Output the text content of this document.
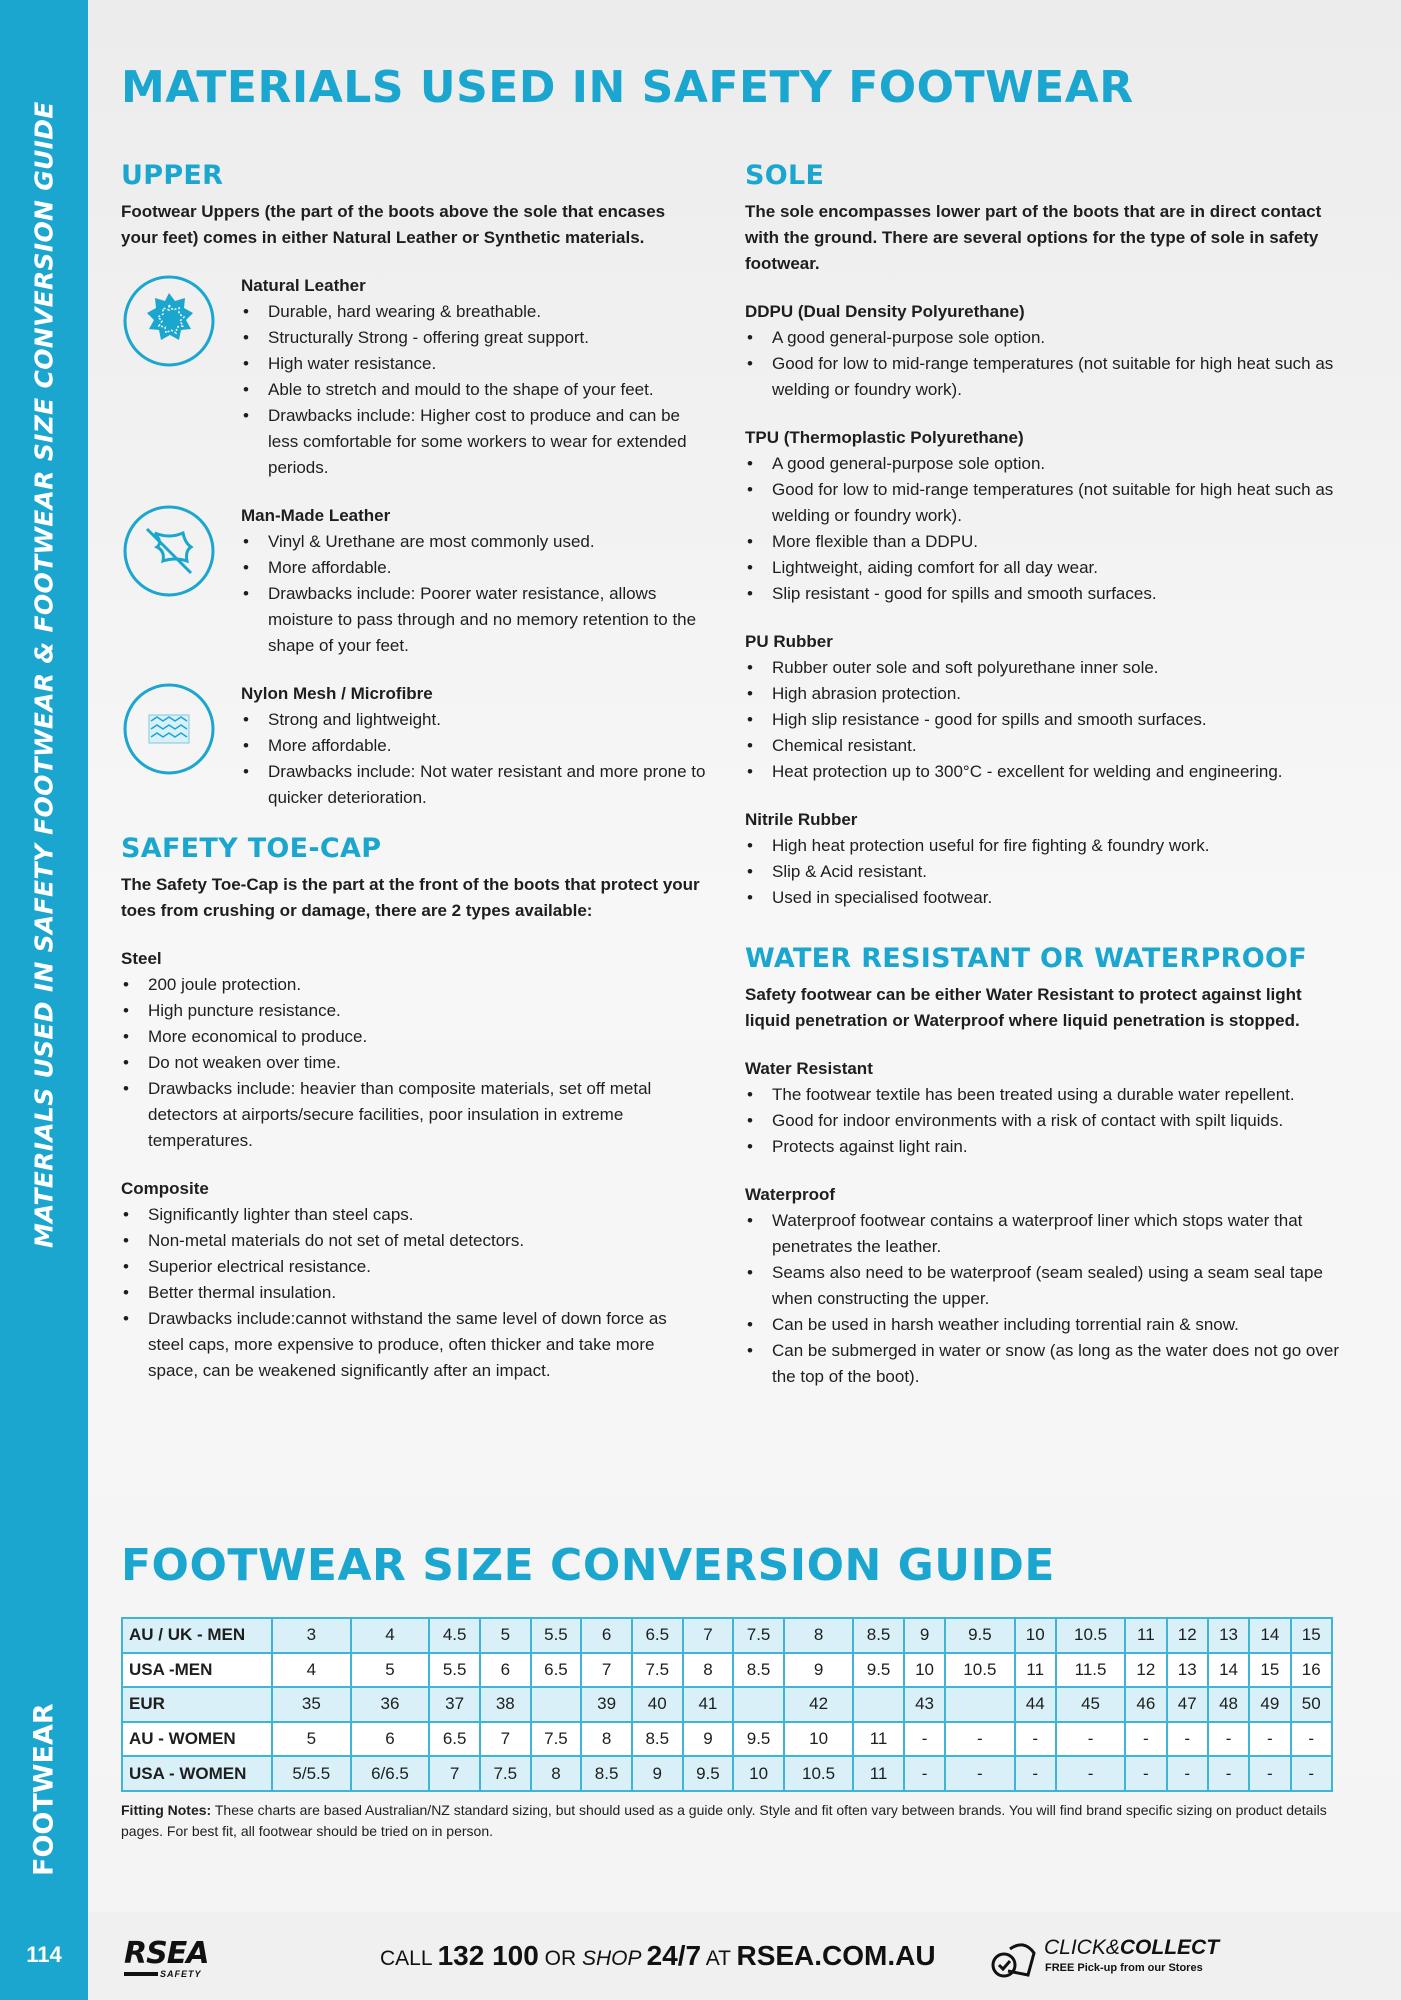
MATERIALS USED IN SAFETY FOOTWEAR & FOOTWEAR SIZE CONVERSION GUIDE
FOOTWEAR
114
MATERIALS USED IN SAFETY FOOTWEAR
UPPER

Footwear Uppers (the part of the boots above the sole that encases your feet) comes in either Natural Leather or Synthetic materials.

Natural Leather
• Durable, hard wearing & breathable.
• Structurally Strong - offering great support.
• High water resistance.
• Able to stretch and mould to the shape of your feet.
• Drawbacks include: Higher cost to produce and can be less comfortable for some workers to wear for extended periods.
Man-Made Leather
• Vinyl & Urethane are most commonly used.
• More affordable.
• Drawbacks include: Poorer water resistance, allows moisture to pass through and no memory retention to the shape of your feet.
Nylon Mesh / Microfibre
• Strong and lightweight.
• More affordable.
• Drawbacks include: Not water resistant and more prone to quicker deterioration.
SAFETY TOE-CAP

The Safety Toe-Cap is the part at the front of the boots that protect your toes from crushing or damage, there are 2 types available:

Steel
• 200 joule protection.
• High puncture resistance.
• More economical to produce.
• Do not weaken over time.
• Drawbacks include: heavier than composite materials, set off metal detectors at airports/secure facilities, poor insulation in extreme temperatures.
Composite
• Significantly lighter than steel caps.
• Non-metal materials do not set of metal detectors.
• Superior electrical resistance.
• Better thermal insulation.
• Drawbacks include:cannot withstand the same level of down force as steel caps, more expensive to produce, often thicker and take more space, can be weakened significantly after an impact.
SOLE

The sole encompasses lower part of the boots that are in direct contact with the ground. There are several options for the type of sole in safety footwear.

DDPU (Dual Density Polyurethane)
• A good general-purpose sole option.
• Good for low to mid-range temperatures (not suitable for high heat such as welding or foundry work).
TPU (Thermoplastic Polyurethane)
• A good general-purpose sole option.
• Good for low to mid-range temperatures (not suitable for high heat such as welding or foundry work).
• More flexible than a DDPU.
• Lightweight, aiding comfort for all day wear.
• Slip resistant - good for spills and smooth surfaces.
PU Rubber
• Rubber outer sole and soft polyurethane inner sole.
• High abrasion protection.
• High slip resistance - good for spills and smooth surfaces.
• Chemical resistant.
• Heat protection up to 300°C - excellent for welding and engineering.
Nitrile Rubber
• High heat protection useful for fire fighting & foundry work.
• Slip & Acid resistant.
• Used in specialised footwear.
WATER RESISTANT OR WATERPROOF

Safety footwear can be either Water Resistant to protect against light liquid penetration or Waterproof where liquid penetration is stopped.

Water Resistant
• The footwear textile has been treated using a durable water repellent.
• Good for indoor environments with a risk of contact with spilt liquids.
• Protects against light rain.
Waterproof
• Waterproof footwear contains a waterproof liner which stops water that penetrates the leather.
• Seams also need to be waterproof (seam sealed) using a seam seal tape when constructing the upper.
• Can be used in harsh weather including torrential rain & snow.
• Can be submerged in water or snow (as long as the water does not go over the top of the boot).
FOOTWEAR SIZE CONVERSION GUIDE
AU / UK - MEN	3	4	4.5	5	5.5	6	6.5	7	7.5	8	8.5	9	9.5	10	10.5	11	12	13	14	15
USA -MEN	4	5	5.5	6	6.5	7	7.5	8	8.5	9	9.5	10	10.5	11	11.5	12	13	14	15	16
EUR	35	36	37	38		39	40	41		42		43		44	45	46	47	48	49	50
AU - WOMEN	5	6	6.5	7	7.5	8	8.5	9	9.5	10	11	-	-	-	-	-	-	-	-	-
USA - WOMEN	5/5.5	6/6.5	7	7.5	8	8.5	9	9.5	10	10.5	11	-	-	-	-	-	-	-	-	-

Fitting Notes: These charts are based Australian/NZ standard sizing, but should used as a guide only. Style and fit often vary between brands. You will find brand specific sizing on product details pages. For best fit, all footwear should be tried on in person.

RSEA
SAFETY
CALL 132 100 OR SHOP 24/7 AT RSEA.COM.AU	CLICK&COLLECT
FREE Pick-up from our Stores
